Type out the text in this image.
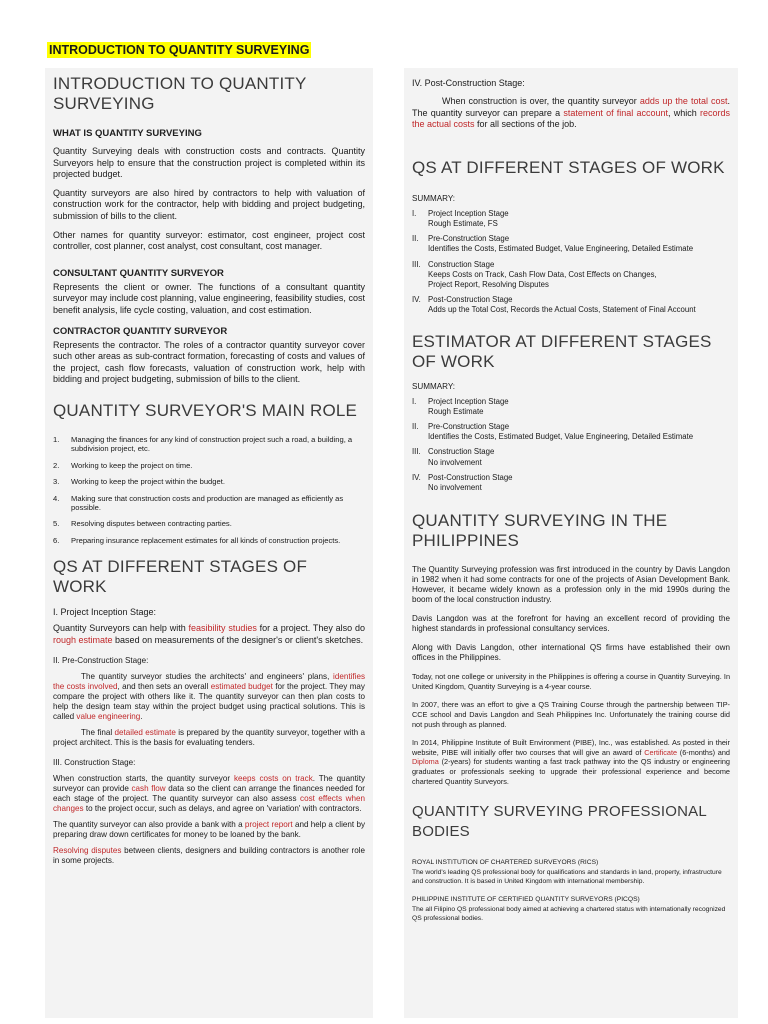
INTRODUCTION TO QUANTITY SURVEYING
INTRODUCTION TO QUANTITY SURVEYING
WHAT IS QUANTITY SURVEYING

Quantity Surveying deals with construction costs and contracts. Quantity Surveyors help to ensure that the construction project is completed within its projected budget.

Quantity surveyors are also hired by contractors to help with valuation of construction work for the contractor, help with bidding and project budgeting, submission of bills to the client.

Other names for quantity surveyor: estimator, cost engineer, project cost controller, cost planner, cost analyst, cost consultant, cost manager.

CONSULTANT QUANTITY SURVEYOR

Represents the client or owner. The functions of a consultant quantity surveyor may include cost planning, value engineering, feasibility studies, cost benefit analysis, life cycle costing, valuation, and cost estimation.

CONTRACTOR QUANTITY SURVEYOR

Represents the contractor. The roles of a contractor quantity surveyor cover such other areas as sub-contract formation, forecasting of costs and values of the project, cash flow forecasts, valuation of construction work, help with bidding and project budgeting, submission of bills to the client.

QUANTITY SURVEYOR'S MAIN ROLE
1.	Managing the finances for any kind of construction project such a road, a building, a subdivision project, etc.
2.	Working to keep the project on time.
3.	Working to keep the project within the budget.
4.	Making sure that construction costs and production are managed as efficiently as possible.
5.	Resolving disputes between contracting parties.
6.	Preparing insurance replacement estimates for all kinds of construction projects.
QS AT DIFFERENT STAGES OF WORK

I. Project Inception Stage:

Quantity Surveyors can help with feasibility studies for a project. They also do rough estimate based on measurements of the designer's or client's sketches.

II. Pre-Construction Stage:

The quantity surveyor studies the architects' and engineers' plans, identifies the costs involved, and then sets an overall estimated budget for the project. They may compare the project with others like it. The quantity surveyor can then plan costs to help the design team stay within the project budget using practical solutions. This is called value engineering.

The final detailed estimate is prepared by the quantity surveyor, together with a project architect. This is the basis for evaluating tenders.

III. Construction Stage:

When construction starts, the quantity surveyor keeps costs on track. The quantity surveyor can provide cash flow data so the client can arrange the finances needed for each stage of the project. The quantity surveyor can also assess cost effects when changes to the project occur, such as delays, and agree on 'variation' with contractors.

The quantity surveyor can also provide a bank with a project report and help a client by preparing draw down certificates for money to be loaned by the bank.

Resolving disputes between clients, designers and building contractors is another role in some projects.

IV. Post-Construction Stage:

When construction is over, the quantity surveyor adds up the total cost. The quantity surveyor can prepare a statement of final account, which records the actual costs for all sections of the job.

QS AT DIFFERENT STAGES OF WORK

SUMMARY:

I.	Project Inception Stage
Rough Estimate, FS
II.	Pre-Construction Stage
Identifies the Costs, Estimated Budget, Value Engineering, Detailed Estimate
III. Construction Stage
Keeps Costs on Track, Cash Flow Data, Cost Effects on Changes,
Project Report, Resolving Disputes
IV. Post-Construction Stage
Adds up the Total Cost, Records the Actual Costs, Statement of Final Account
ESTIMATOR AT DIFFERENT STAGES OF WORK

SUMMARY:

I.	Project Inception Stage
Rough Estimate
II.	Pre-Construction Stage
Identifies the Costs, Estimated Budget, Value Engineering, Detailed Estimate
III. Construction Stage
No involvement
IV. Post-Construction Stage
No involvement
QUANTITY SURVEYING IN THE PHILIPPINES

The Quantity Surveying profession was first introduced in the country by Davis Langdon in 1982 when it had some contracts for one of the projects of Asian Development Bank. However, it became widely known as a profession only in the mid 1990s during the boom of the local construction industry.

Davis Langdon was at the forefront for having an excellent record of providing the highest standards in professional consultancy services.

Along with Davis Langdon, other international QS firms have established their own offices in the Philippines.

Today, not one college or university in the Philippines is offering a course in Quantity Surveying. In United Kingdom, Quantity Surveying is a 4-year course.

In 2007, there was an effort to give a QS Training Course through the partnership between TIP-CCE school and Davis Langdon and Seah Philippines Inc. Unfortunately the training course did not push through as planned.

In 2014, Philippine Institute of Built Environment (PIBE), Inc., was established. As posted in their website, PIBE will initially offer two courses that will give an award of Certificate (6-months) and Diploma (2-years) for students wanting a fast track pathway into the QS industry or engineering graduates or professionals seeking to upgrade their professional experience and become chartered Quantity Surveyors.

QUANTITY SURVEYING PROFESSIONAL BODIES

ROYAL INSTITUTION OF CHARTERED SURVEYORS (RICS)

The world's leading QS professional body for qualifications and standards in land, property, infrastructure and construction. It is based in United Kingdom with international membership.

PHILIPPINE INSTITUTE OF CERTIFIED QUANTITY SURVEYORS (PICQS)

The all Filipino QS professional body aimed at achieving a chartered status with internationally recognized QS professional bodies.
